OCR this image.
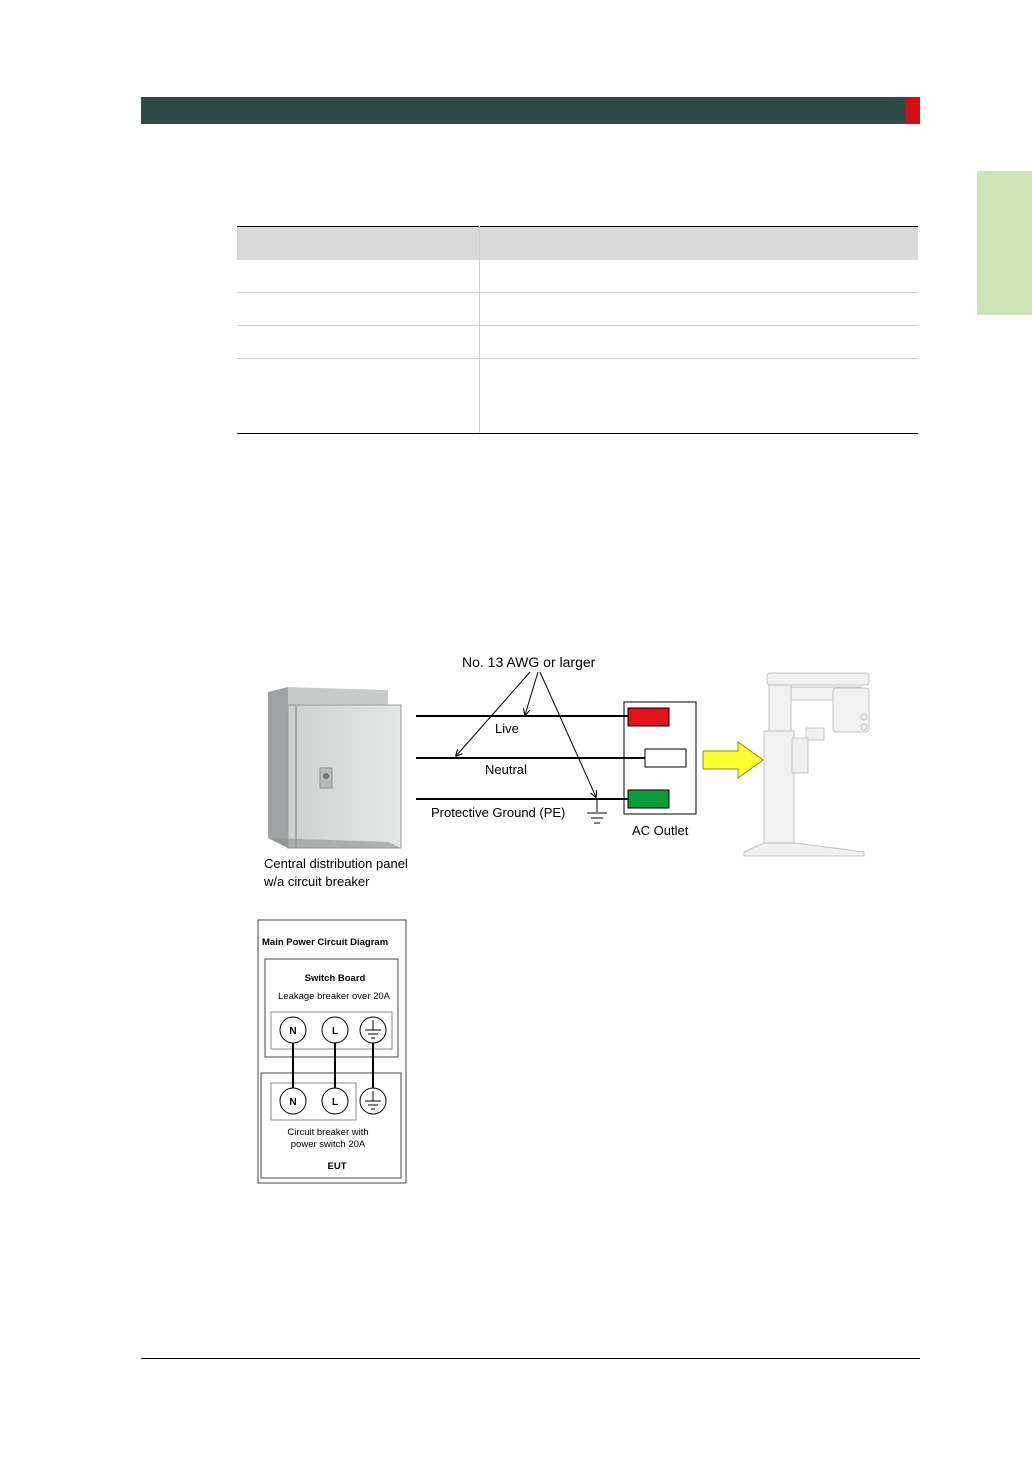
No. 13 AWG or larger
Live
Neutral
Protective Ground (PE)
AC Outlet
Central distribution panel
w/a circuit breaker
Main Power Circuit Diagram
Switch Board
Leakage breaker over 20A
N	L
N	L
Circuit breaker with
power switch 20A
EUT
